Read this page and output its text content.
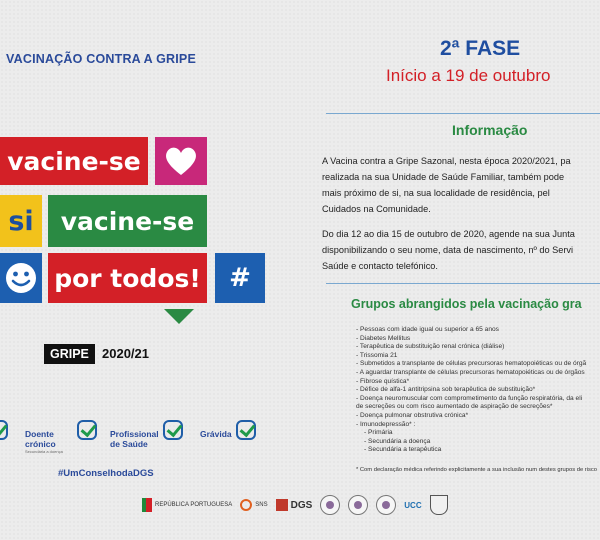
VACINAÇÃO CONTRA A GRIPE
vacine-se
si	vacine-se
por todos!	#
GRIPE	2020/21
Doente
crónico
Secundária a doença
Profissional
de Saúde
Grávida
#UmConselhodaDGS
2ª FASE
Início a 19 de outubro
Informação
A Vacina contra a Gripe Sazonal, nesta época 2020/2021, pa
realizada na sua Unidade de Saúde Familiar, também pode
mais próximo de si, na sua localidade de residência, pel
Cuidados na Comunidade.
Do dia 12 ao dia 15 de outubro de 2020, agende na sua Junta
disponibilizando o seu nome, data de nascimento, nº do Servi
Saúde e contacto telefónico.
Grupos abrangidos pela vacinação gra
- Pessoas com idade igual ou superior a 65 anos
- Diabetes Mellitus
- Terapêutica de substituição renal crónica (diálise)
- Trissomia 21
- Submetidos a transplante de células precursoras hematopoiéticas ou de órgã
- A aguardar transplante de células precursoras hematopoiéticas ou de órgãos
- Fibrose quística*
- Défice de alfa-1 antitripsina sob terapêutica de substituição*
- Doença neuromuscular com comprometimento da função respiratória, da eli
de secreções ou com risco aumentado de aspiração de secreções*
- Doença pulmonar obstrutiva crónica*
- Imunodepressão* :
- Primária
- Secundária a doença
- Secundária a terapêutica
* Com declaração médica referindo explicitamente a sua inclusão num destes grupos de risco
REPÚBLICA PORTUGUESA	SNS DGS	UCC
